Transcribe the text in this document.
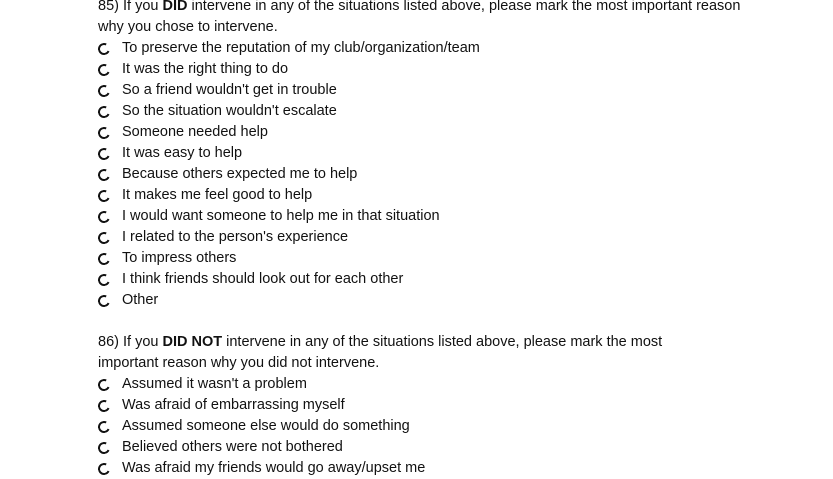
85) If you DID intervene in any of the situations listed above, please mark the most important reason
why you chose to intervene.

To preserve the reputation of my club/organization/team
It was the right thing to do
So a friend wouldn't get in trouble
So the situation wouldn't escalate
Someone needed help
It was easy to help
Because others expected me to help
It makes me feel good to help
I would want someone to help me in that situation
I related to the person's experience
To impress others
I think friends should look out for each other
Other

86) If you DID NOT intervene in any of the situations listed above, please mark the most
important reason why you did not intervene.

Assumed it wasn't a problem
Was afraid of embarrassing myself
Assumed someone else would do something
Believed others were not bothered
Was afraid my friends would go away/upset me
